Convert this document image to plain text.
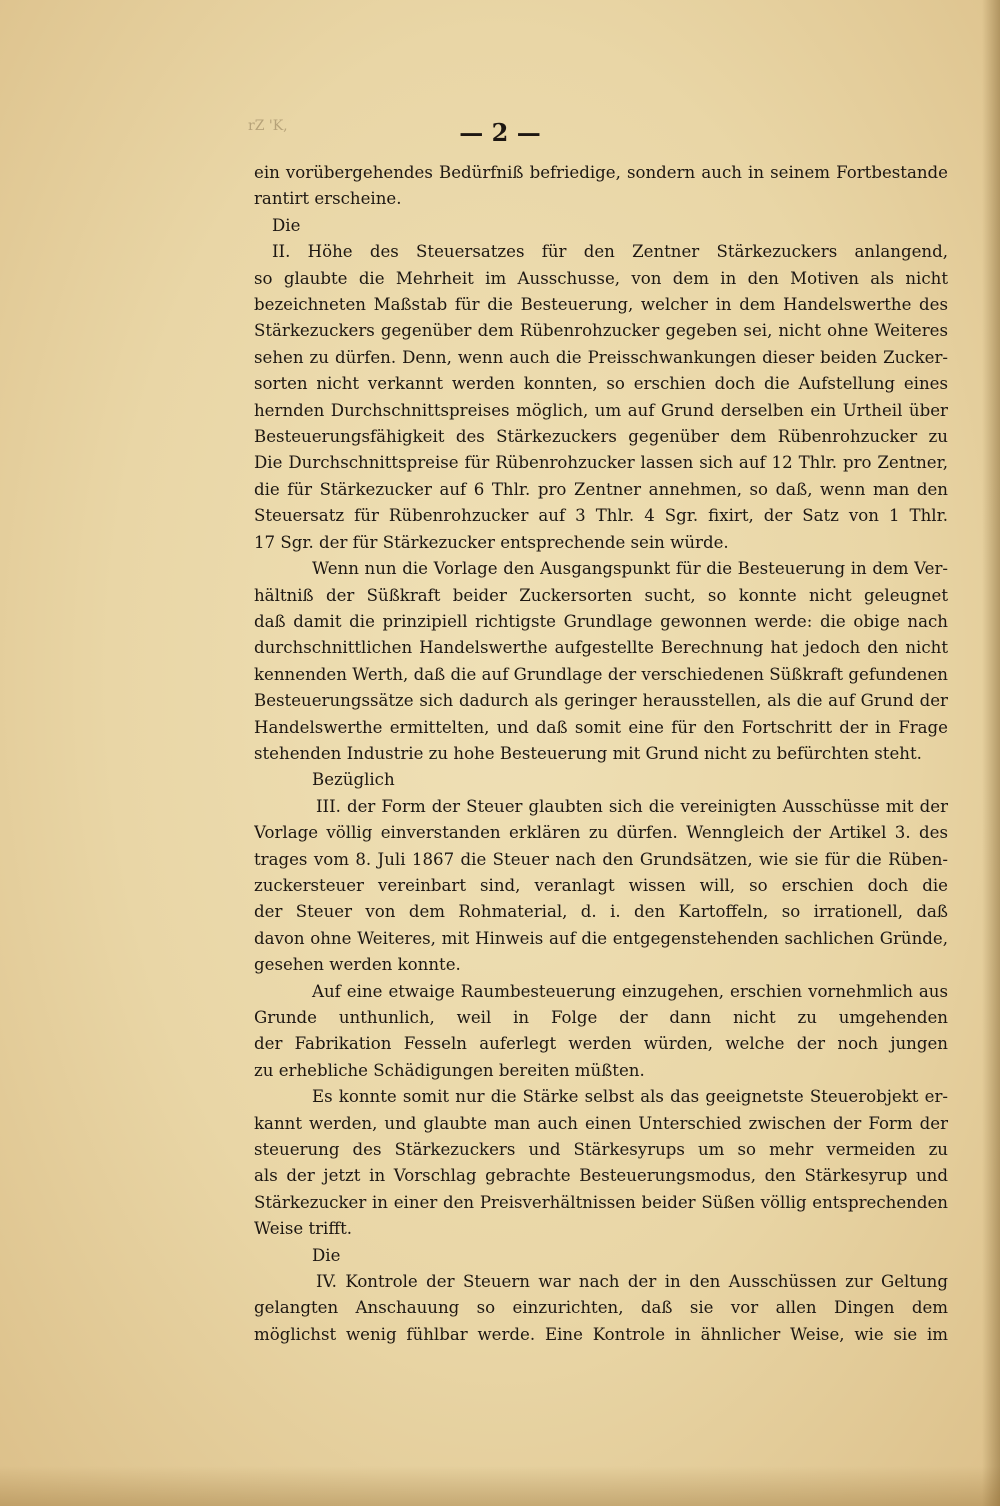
rZ 'K,	— 2 —
ein vorübergehendes Bedürfniß befriedige, sondern auch in seinem Fortbestande
rantirt erscheine.
Die
II. Höhe des Steuersatzes für den Zentner Stärkezuckers anlangend,
so glaubte die Mehrheit im Ausschusse, von dem in den Motiven als nicht
bezeichneten Maßstab für die Besteuerung, welcher in dem Handelswerthe des
Stärkezuckers gegenüber dem Rübenrohzucker gegeben sei, nicht ohne Weiteres
sehen zu dürfen. Denn, wenn auch die Preisschwankungen dieser beiden Zucker-
sorten nicht verkannt werden konnten, so erschien doch die Aufstellung eines
hernden Durchschnittspreises möglich, um auf Grund derselben ein Urtheil über
Besteuerungsfähigkeit des Stärkezuckers gegenüber dem Rübenrohzucker zu
Die Durchschnittspreise für Rübenrohzucker lassen sich auf 12 Thlr. pro Zentner,
die für Stärkezucker auf 6 Thlr. pro Zentner annehmen, so daß, wenn man den
Steuersatz für Rübenrohzucker auf 3 Thlr. 4 Sgr. fixirt, der Satz von 1 Thlr.
17 Sgr. der für Stärkezucker entsprechende sein würde.
Wenn nun die Vorlage den Ausgangspunkt für die Besteuerung in dem Ver-
hältniß der Süßkraft beider Zuckersorten sucht, so konnte nicht geleugnet
daß damit die prinzipiell richtigste Grundlage gewonnen werde: die obige nach
durchschnittlichen Handelswerthe aufgestellte Berechnung hat jedoch den nicht
kennenden Werth, daß die auf Grundlage der verschiedenen Süßkraft gefundenen
Besteuerungssätze sich dadurch als geringer herausstellen, als die auf Grund der
Handelswerthe ermittelten, und daß somit eine für den Fortschritt der in Frage
stehenden Industrie zu hohe Besteuerung mit Grund nicht zu befürchten steht.
Bezüglich
III. der Form der Steuer glaubten sich die vereinigten Ausschüsse mit der
Vorlage völlig einverstanden erklären zu dürfen. Wenngleich der Artikel 3. des
trages vom 8. Juli 1867 die Steuer nach den Grundsätzen, wie sie für die Rüben-
zuckersteuer vereinbart sind, veranlagt wissen will, so erschien doch die
der Steuer von dem Rohmaterial, d. i. den Kartoffeln, so irrationell, daß
davon ohne Weiteres, mit Hinweis auf die entgegenstehenden sachlichen Gründe,
gesehen werden konnte.
Auf eine etwaige Raumbesteuerung einzugehen, erschien vornehmlich aus
Grunde unthunlich, weil in Folge der dann nicht zu umgehenden
der Fabrikation Fesseln auferlegt werden würden, welche der noch jungen
zu erhebliche Schädigungen bereiten müßten.
Es konnte somit nur die Stärke selbst als das geeignetste Steuerobjekt er-
kannt werden, und glaubte man auch einen Unterschied zwischen der Form der
steuerung des Stärkezuckers und Stärkesyrups um so mehr vermeiden zu
als der jetzt in Vorschlag gebrachte Besteuerungsmodus, den Stärkesyrup und
Stärkezucker in einer den Preisverhältnissen beider Süßen völlig entsprechenden
Weise trifft.
Die
IV. Kontrole der Steuern war nach der in den Ausschüssen zur Geltung
gelangten Anschauung so einzurichten, daß sie vor allen Dingen dem
möglichst wenig fühlbar werde. Eine Kontrole in ähnlicher Weise, wie sie im
